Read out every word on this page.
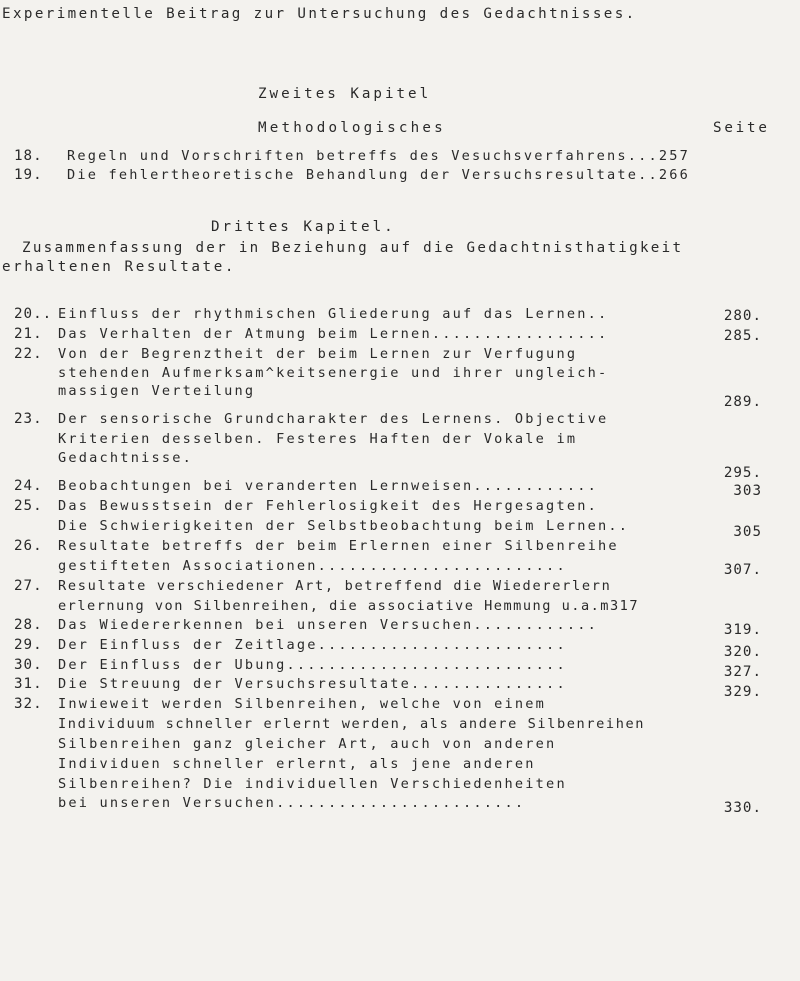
Experimentelle Beitrag zur Untersuchung des Gedachtnisses.
Zweites Kapitel
Methodologisches	Seite
18. Regeln und Vorschriften betreffs des Vesuchsverfahrens...257
19. Die fehlertheoretische Behandlung der Versuchsresultate..266
Drittes Kapitel.
Zusammenfassung der in Beziehung auf die Gedachtnisthatigkeit
erhaltenen Resultate.
20.. Einfluss der rhythmischen Gliederung auf das Lernen..	280.
21. Das Verhalten der Atmung beim Lernen.................	285.
22. Von der Begrenztheit der beim Lernen zur Verfugung
stehenden Aufmerksam^keitsenergie und ihrer ungleich-
massigen Verteilung
289.
23. Der sensorische Grundcharakter des Lernens. Objective
Kriterien desselben. Festeres Haften der Vokale im
Gedachtnisse.
295.
24. Beobachtungen bei veranderten Lernweisen............	303
25. Das Bewusstsein der Fehlerlosigkeit des Hergesagten.
Die Schwierigkeiten der Selbstbeobachtung beim Lernen..	305
26. Resultate betreffs der beim Erlernen einer Silbenreihe
gestifteten Associationen........................	307.
27. Resultate verschiedener Art, betreffend die Wiedererlern
erlernung von Silbenreihen, die associative Hemmung u.a.m317
28. Das Wiedererkennen bei unseren Versuchen............	319.
29. Der Einfluss der Zeitlage........................	320.
30. Der Einfluss der Ubung...........................	327.
31. Die Streuung der Versuchsresultate...............	329.
32. Inwieweit werden Silbenreihen, welche von einem
Individuum schneller erlernt werden, als andere Silbenreihen
Silbenreihen ganz gleicher Art, auch von anderen
Individuen schneller erlernt, als jene anderen
Silbenreihen? Die individuellen Verschiedenheiten
bei unseren Versuchen........................	330.
